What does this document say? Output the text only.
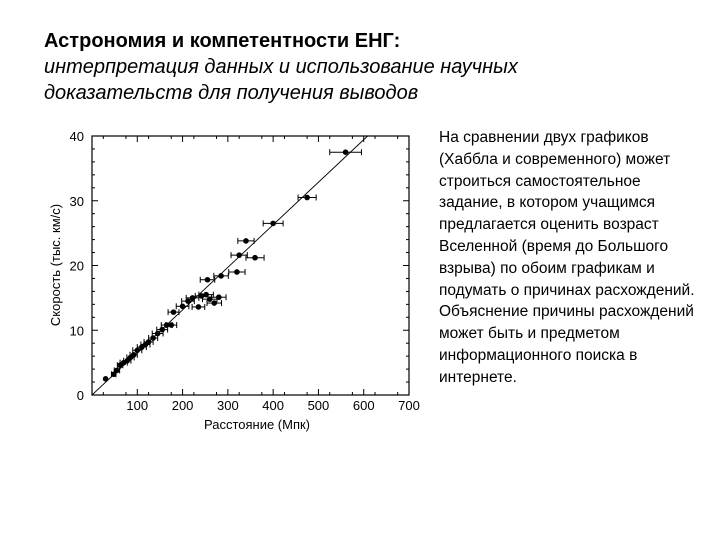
Астрономия и компетентности ЕНГ:
интерпретация данных и использование научных
доказательств для получения выводов
100 200 300 400 500 600 700
0
10
20
30
40
Расстояние (Мпк)
Скорость (тыс. км/с)
На сравнении двух графиков (Хаббла и современного) может строиться самостоятельное задание, в котором учащимся предлагается оценить возраст Вселенной (время до Большого взрыва) по обоим графикам и подумать о причинах расхождений. Объяснение причины расхождений может быть и предметом информационного поиска в интернете.
